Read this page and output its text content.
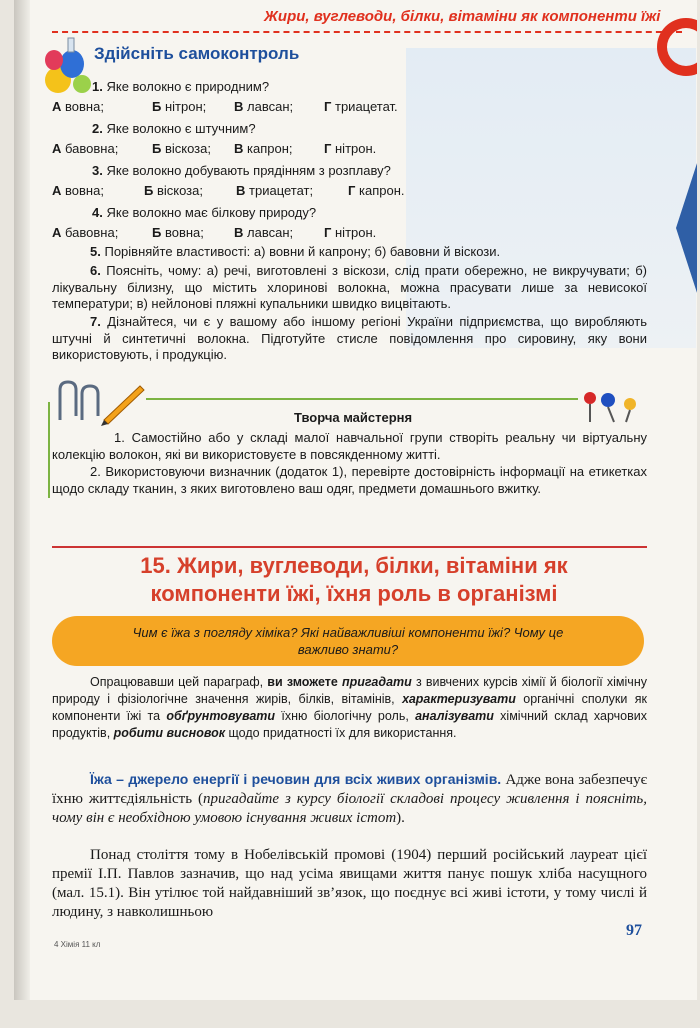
Жири, вуглеводи, білки, вітаміни як компоненти їжі
Здійсніть самоконтроль
1. Яке волокно є природним?
А вовна;	Б нітрон; В лавсан; Г триацетат.
2. Яке волокно є штучним?
А бавовна;	Б віскоза; В капрон; Г нітрон.
3. Яке волокно добувають прядінням з розплаву?
А вовна;	Б віскоза;	В триацетат;	Г капрон.
4. Яке волокно має білкову природу?
А бавовна;	Б вовна; В лавсан; Г нітрон.
5. Порівняйте властивості: а) вовни й капрону; б) бавовни й віскози.
6. Поясніть, чому: а) речі, виготовлені з віскози, слід прати обережно, не викручувати; б) лікувальну білизну, що містить хлоринові волокна, можна прасувати лише за невисокої температури; в) нейлонові пляжні купальники швидко вицвітають.
7. Дізнайтеся, чи є у вашому або іншому регіоні України підприємства, що виробляють штучні й синтетичні волокна. Підготуйте стисле повідомлення про сировину, яку вони використовують, і продукцію.
Творча майстерня
1. Самостійно або у складі малої навчальної групи створіть реальну чи віртуальну колекцію волокон, які ви використовуєте в повсякденному житті.
2. Використовуючи визначник (додаток 1), перевірте достовірність інформації на етикетках щодо складу тканин, з яких виготовлено ваш одяг, предмети домашнього вжитку.
15. Жири, вуглеводи, білки, вітаміни як
компоненти їжі, їхня роль в організмі
Чим є їжа з погляду хіміка? Які найважливіші компоненти їжі? Чому це важливо знати?
Опрацювавши цей параграф, ви зможете пригадати з вивчених курсів хімії й біології хімічну природу і фізіологічне значення жирів, білків, вітамінів, характеризувати органічні сполуки як компоненти їжі та обґрунтовувати їхню біологічну роль, аналізувати хімічний склад харчових продуктів, робити висновок щодо придатності їх для використання.
Їжа – джерело енергії і речовин для всіх живих організмів. Адже вона забезпечує їхню життєдіяльність (пригадайте з курсу біології складові процесу живлення і поясніть, чому він є необхідною умовою існування живих істот).
Понад століття тому в Нобелівській промові (1904) перший російський лауреат цієї премії І.П. Павлов зазначив, що над усіма явищами життя панує пошук хліба насущного (мал. 15.1). Він утілює той найдавніший зв’язок, що поєднує всі живі істоти, у тому числі й людину, з навколишньою
97
4 Хімія 11 кл
